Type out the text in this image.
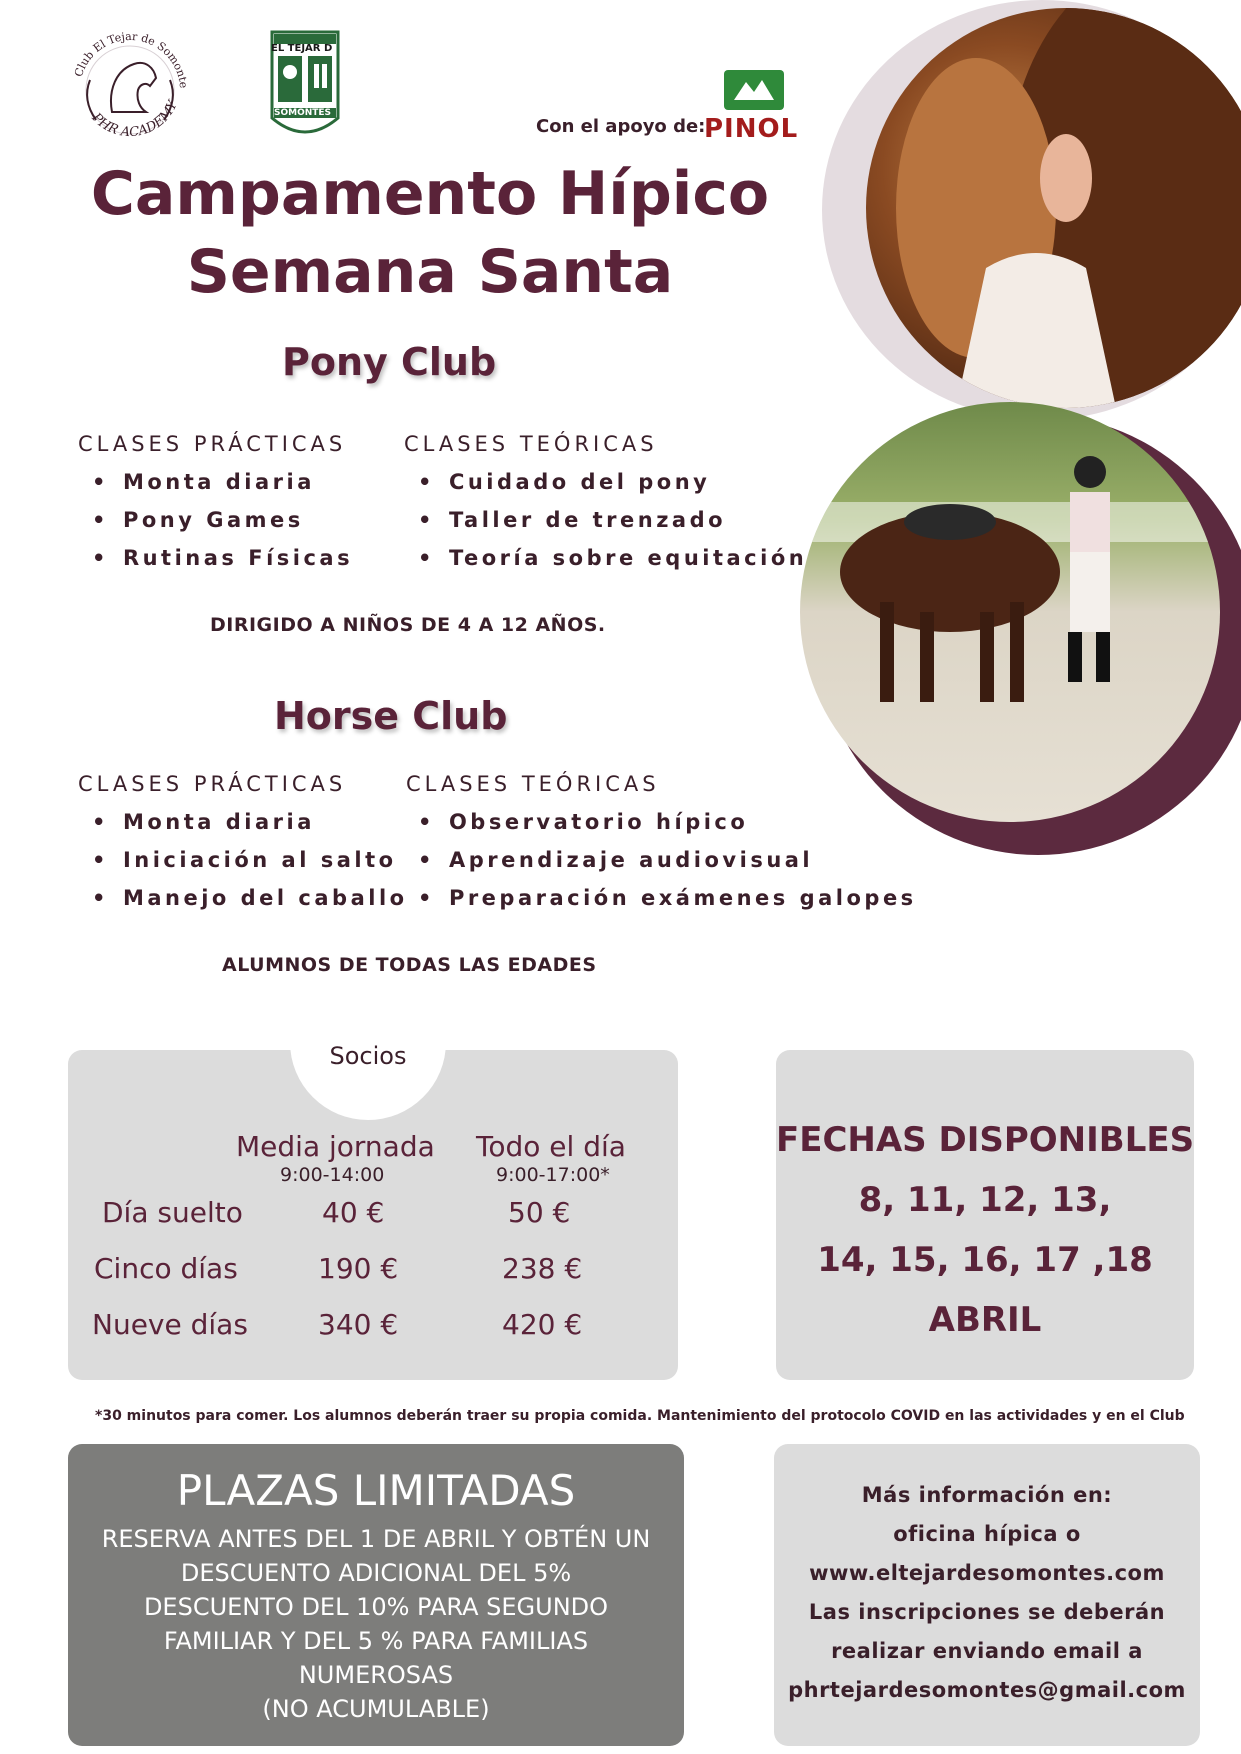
Club El Tejar de Somonte
PHR ACADEMY
EL TEJAR D
SOMONTES
Con el apoyo de:
PINOL
Campamento Hípico
Semana Santa
Pony Club
CLASES PRÁCTICAS
• Monta diaria
• Pony Games
• Rutinas Físicas
CLASES TEÓRICAS
• Cuidado del pony
• Taller de trenzado
• Teoría sobre equitación
DIRIGIDO A NIÑOS DE 4 A 12 AÑOS.
Horse Club
CLASES PRÁCTICAS
• Monta diaria
• Iniciación al salto
• Manejo del caballo
CLASES TEÓRICAS
• Observatorio hípico
• Aprendizaje audiovisual
• Preparación exámenes galopes
ALUMNOS DE TODAS LAS EDADES
Socios
Media jornada
9:00-14:00
Todo el día
9:00-17:00*
Día suelto	40 €	50 €
Cinco días	190 €	238 €
Nueve días	340 €	420 €
FECHAS DISPONIBLES
8, 11, 12, 13,
14, 15, 16, 17 ,18
ABRIL
*30 minutos para comer. Los alumnos deberán traer su propia comida. Mantenimiento del protocolo COVID en las actividades y en el Club
PLAZAS LIMITADAS
RESERVA ANTES DEL 1 DE ABRIL Y OBTÉN UN
DESCUENTO ADICIONAL DEL 5%
DESCUENTO DEL 10% PARA SEGUNDO
FAMILIAR Y DEL 5 % PARA FAMILIAS
NUMEROSAS
(NO ACUMULABLE)
Más información en:
oficina hípica o
www.eltejardesomontes.com
Las inscripciones se deberán
realizar enviando email a
phrtejardesomontes@gmail.com
